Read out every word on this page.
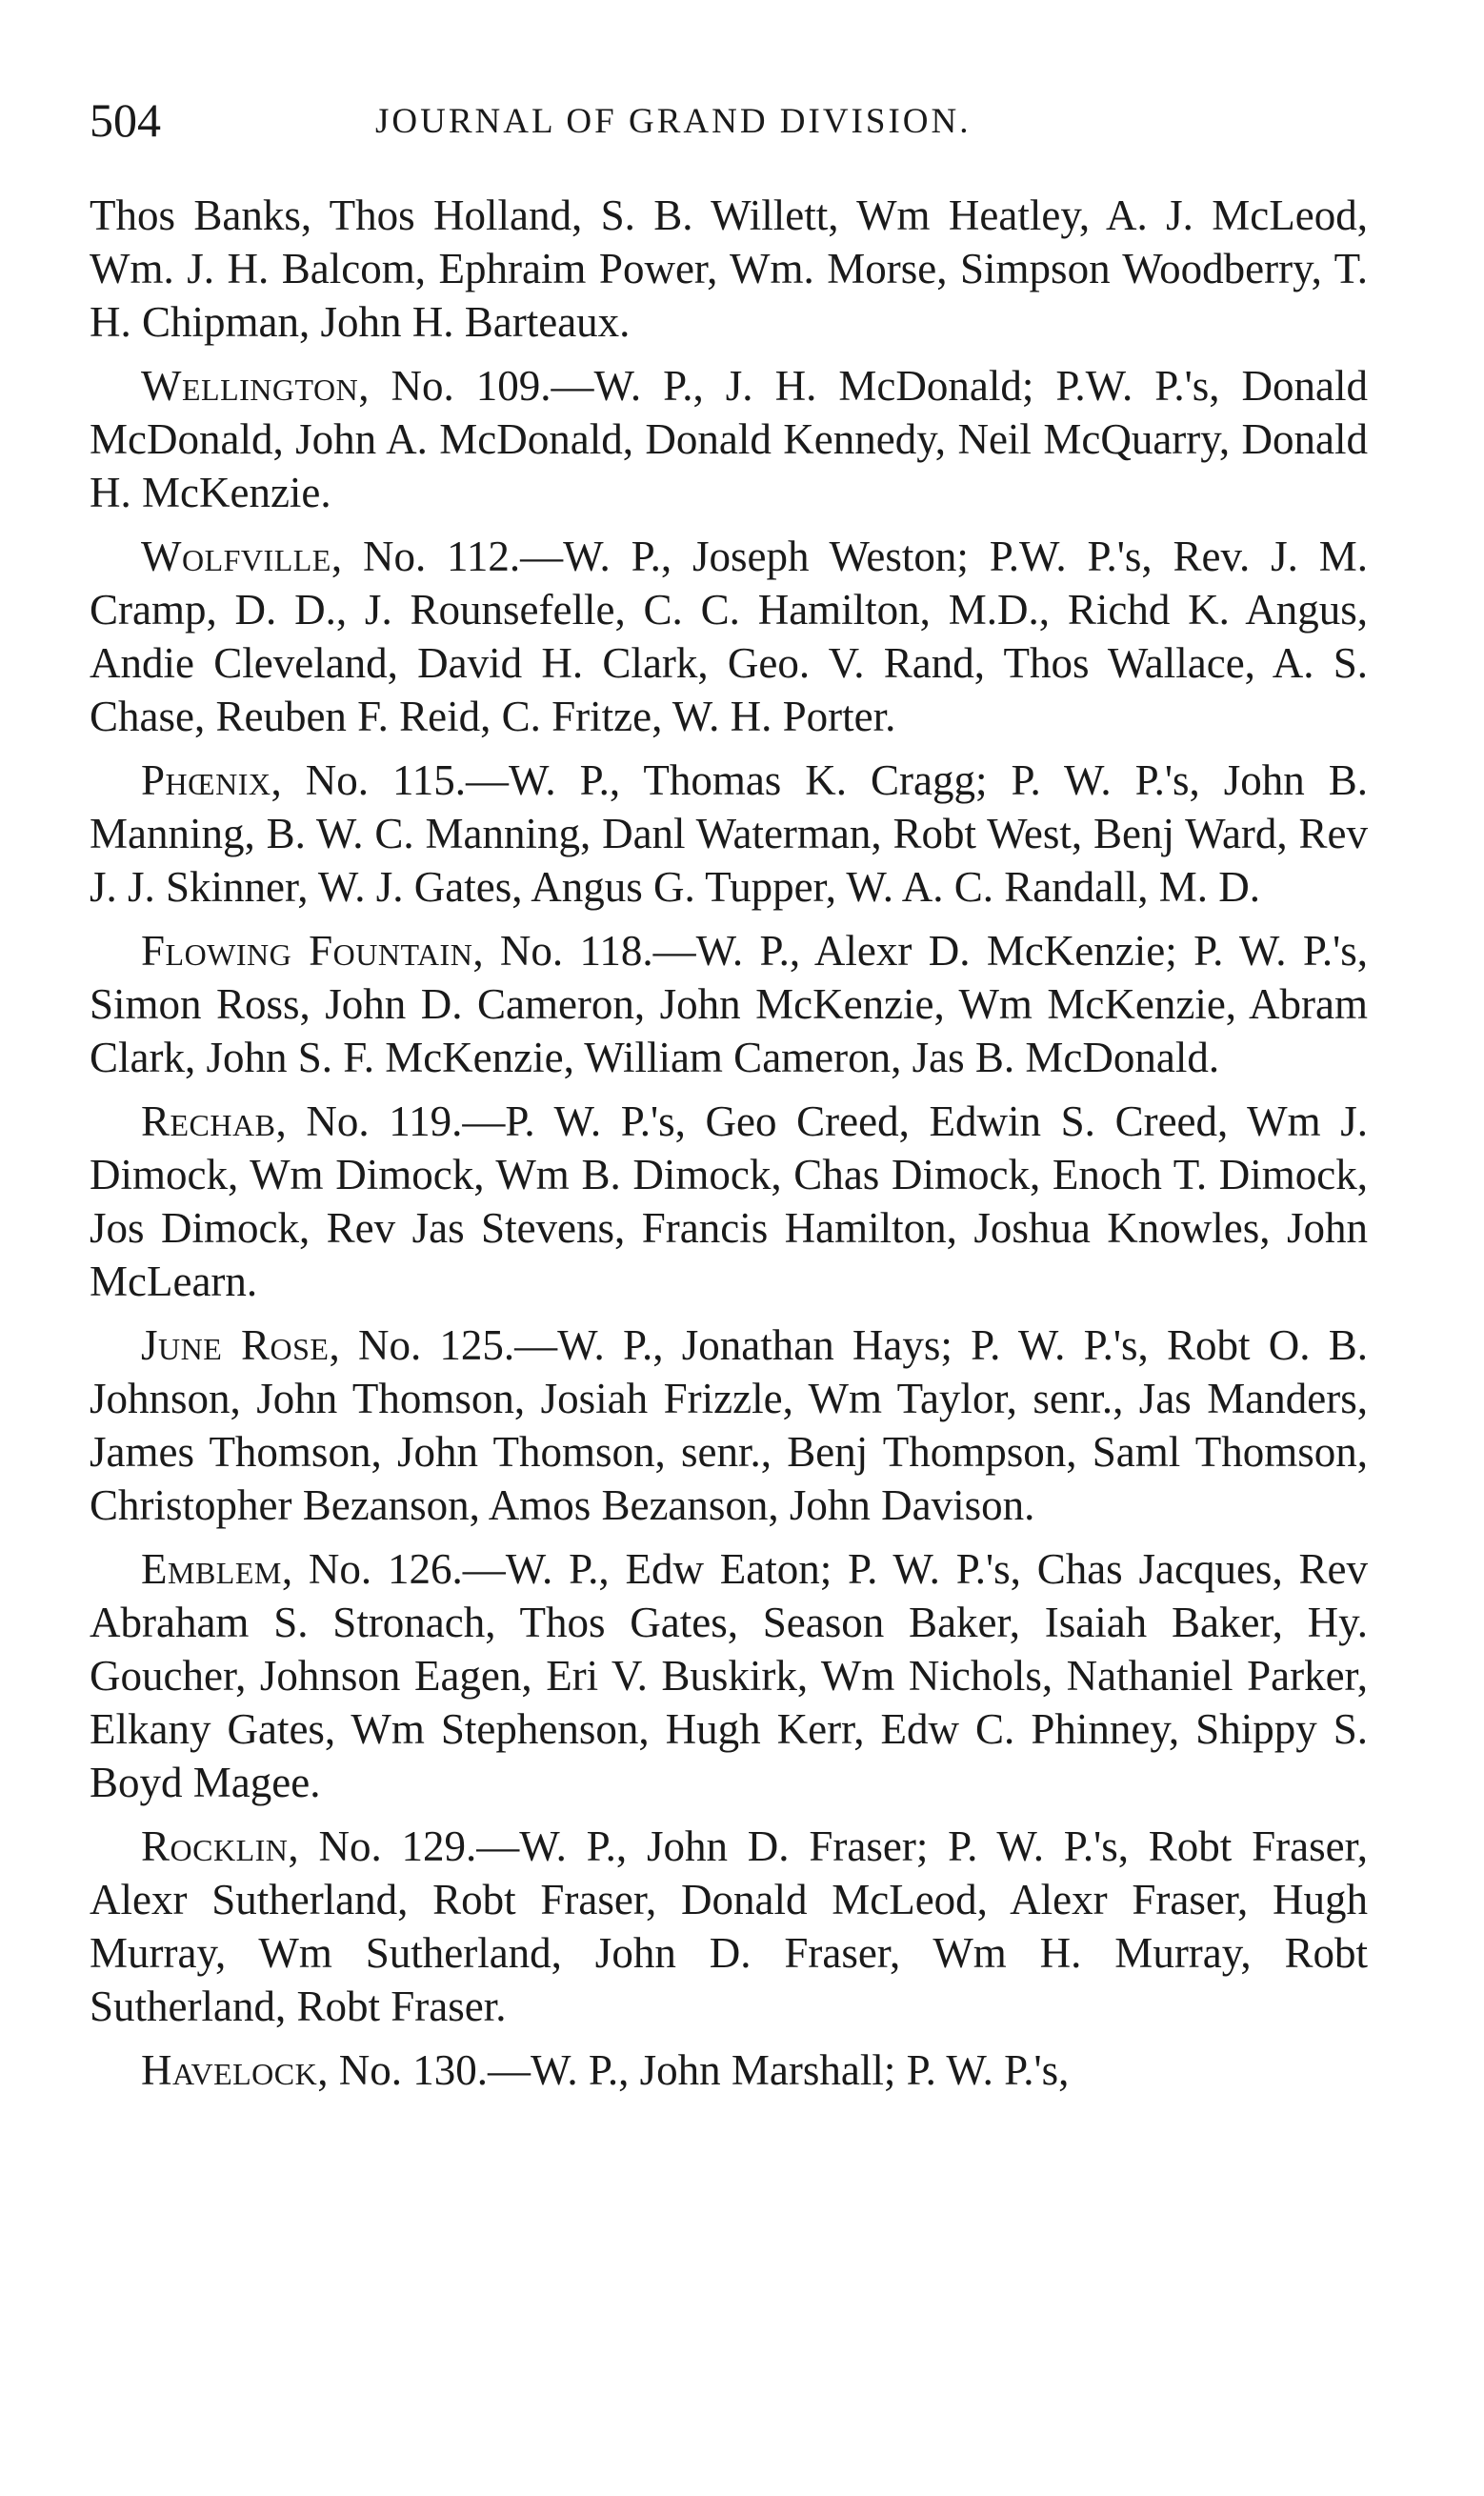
504	JOURNAL OF GRAND DIVISION.

Thos Banks, Thos Holland, S. B. Willett, Wm Heatley, A. J. McLeod, Wm. J. H. Balcom, Ephraim Power, Wm. Morse, Simpson Woodberry, T. H. Chipman, John H. Barteaux.

Wellington, No. 109.—W. P., J. H. McDonald; P.W. P.'s, Donald McDonald, John A. McDonald, Donald Kennedy, Neil McQuarry, Donald H. McKenzie.

Wolfville, No. 112.—W. P., Joseph Weston; P.W. P.'s, Rev. J. M. Cramp, D. D., J. Rounsefelle, C. C. Hamilton, M.D., Richd K. Angus, Andie Cleveland, David H. Clark, Geo. V. Rand, Thos Wallace, A. S. Chase, Reuben F. Reid, C. Fritze, W. H. Porter.

Phœnix, No. 115.—W. P., Thomas K. Cragg; P. W. P.'s, John B. Manning, B. W. C. Manning, Danl Waterman, Robt West, Benj Ward, Rev J. J. Skinner, W. J. Gates, Angus G. Tupper, W. A. C. Randall, M. D.

Flowing Fountain, No. 118.—W. P., Alexr D. McKenzie; P. W. P.'s, Simon Ross, John D. Cameron, John McKenzie, Wm McKenzie, Abram Clark, John S. F. McKenzie, William Cameron, Jas B. McDonald.

Rechab, No. 119.—P. W. P.'s, Geo Creed, Edwin S. Creed, Wm J. Dimock, Wm Dimock, Wm B. Dimock, Chas Dimock, Enoch T. Dimock, Jos Dimock, Rev Jas Stevens, Francis Hamilton, Joshua Knowles, John McLearn.

June Rose, No. 125.—W. P., Jonathan Hays; P. W. P.'s, Robt O. B. Johnson, John Thomson, Josiah Frizzle, Wm Taylor, senr., Jas Manders, James Thomson, John Thomson, senr., Benj Thompson, Saml Thomson, Christopher Bezanson, Amos Bezanson, John Davison.

Emblem, No. 126.—W. P., Edw Eaton; P. W. P.'s, Chas Jacques, Rev Abraham S. Stronach, Thos Gates, Season Baker, Isaiah Baker, Hy. Goucher, Johnson Eagen, Eri V. Buskirk, Wm Nichols, Nathaniel Parker, Elkany Gates, Wm Stephenson, Hugh Kerr, Edw C. Phinney, Shippy S. Boyd Magee.

Rocklin, No. 129.—W. P., John D. Fraser; P. W. P.'s, Robt Fraser, Alexr Sutherland, Robt Fraser, Donald McLeod, Alexr Fraser, Hugh Murray, Wm Sutherland, John D. Fraser, Wm H. Murray, Robt Sutherland, Robt Fraser.

Havelock, No. 130.—W. P., John Marshall; P. W. P.'s,
